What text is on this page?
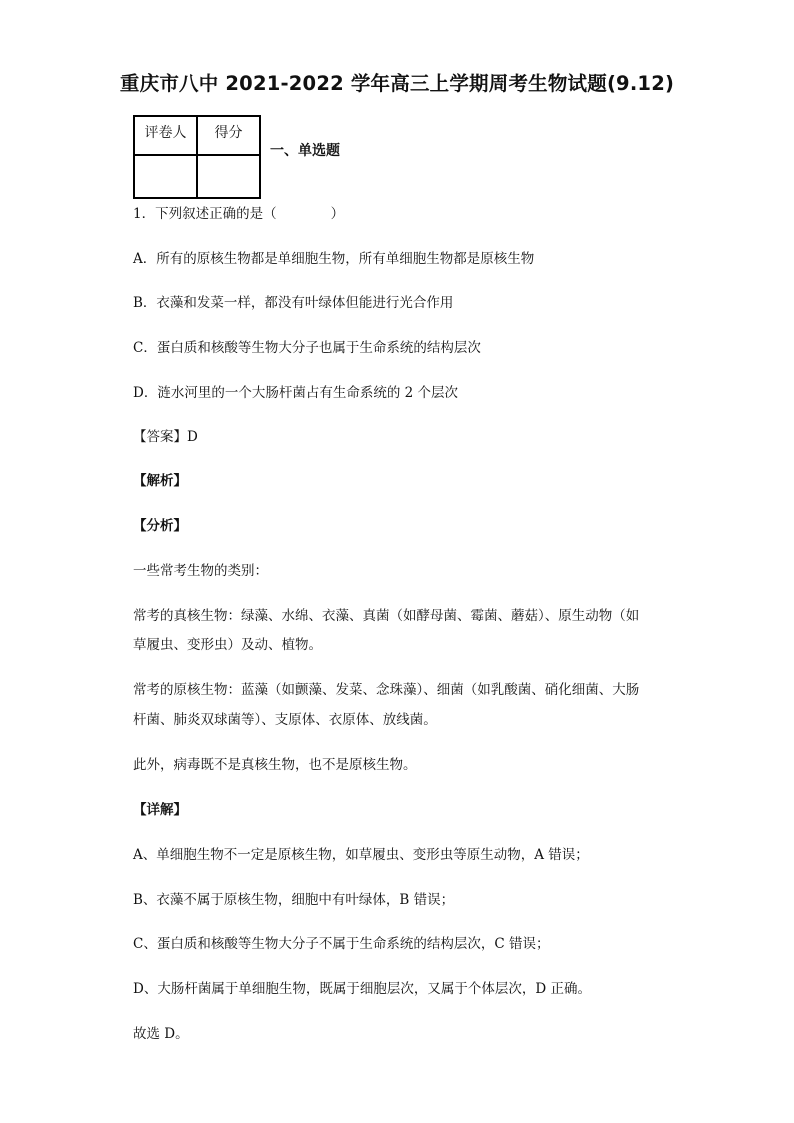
重庆市八中 2021-2022 学年高三上学期周考生物试题(9.12)
评卷人	得分

一、单选题
1．下列叙述正确的是（　　　　）
A．所有的原核生物都是单细胞生物，所有单细胞生物都是原核生物
B．衣藻和发菜一样，都没有叶绿体但能进行光合作用
C．蛋白质和核酸等生物大分子也属于生命系统的结构层次
D．涟水河里的一个大肠杆菌占有生命系统的 2 个层次
【答案】D
【解析】
【分析】
一些常考生物的类别：
常考的真核生物：绿藻、水绵、衣藻、真菌（如酵母菌、霉菌、蘑菇）、原生动物（如
草履虫、变形虫）及动、植物。
常考的原核生物：蓝藻（如颤藻、发菜、念珠藻）、细菌（如乳酸菌、硝化细菌、大肠
杆菌、肺炎双球菌等）、支原体、衣原体、放线菌。
此外，病毒既不是真核生物，也不是原核生物。
【详解】
A、单细胞生物不一定是原核生物，如草履虫、变形虫等原生动物，A 错误；
B、衣藻不属于原核生物，细胞中有叶绿体，B 错误；
C、蛋白质和核酸等生物大分子不属于生命系统的结构层次，C 错误；
D、大肠杆菌属于单细胞生物，既属于细胞层次，又属于个体层次，D 正确。
故选 D。
